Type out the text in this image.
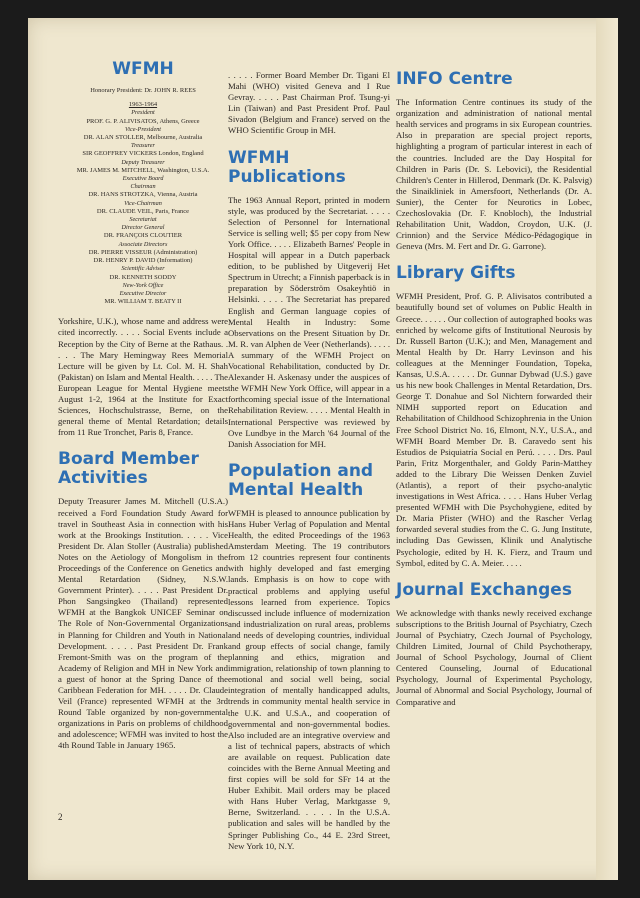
WFMH
Honorary President: Dr. JOHN R. REES
1963-1964
President
PROF. G. P. ALIVISATOS, Athens, Greece
Vice-President
DR. ALAN STOLLER, Melbourne, Australia
Treasurer
SIR GEOFFREY VICKERS London, England
Deputy Treasurer
MR. JAMES M. MITCHELL, Washington, U.S.A.
Executive Board
Chairman
DR. HANS STROTZKA, Vienna, Austria
Vice-Chairman
DR. CLAUDE VEIL, Paris, France
Secretariat
Director General
DR. FRANÇOIS CLOUTIER
Associate Directors
DR. PIERRE VISSEUR (Administration)
DR. HENRY P. DAVID (Information)
Scientific Adviser
DR. KENNETH SODDY
New-York Office
Executive Director
MR. WILLIAM T. BEATY II

Yorkshire, U.K.), whose name and address were cited incorrectly. . . . . Social Events include a Reception by the City of Berne at the Rathaus. . . . . The Mary Hemingway Rees Memorial Lecture will be given by Lt. Col. M. H. Shah (Pakistan) on Islam and Mental Health. . . . . The European League for Mental Hygiene meets August 1-2, 1964 at the Institute for Exact Sciences, Hochschulstrasse, Berne, on the general theme of Mental Retardation; details from 11 Rue Tronchet, Paris 8, France.

Board Member Activities

Deputy Treasurer James M. Mitchell (U.S.A.) received a Ford Foundation Study Award for travel in Southeast Asia in connection with his work at the Brookings Institution. . . . . Vice President Dr. Alan Stoller (Australia) published Notes on the Aetiology of Mongolism in the Proceedings of the Conference on Genetics and Mental Retardation (Sidney, N.S.W. Government Printer). . . . . Past President Dr. Phon Sangsingkeo (Thailand) represented WFMH at the Bangkok UNICEF Seminar on The Role of Non-Governmental Organizations in Planning for Children and Youth in National Development. . . . . Past President Dr. Frank Fremont-Smith was on the program of the Academy of Religion and MH in New York and a guest of honor at the Spring Dance of the Caribbean Federation for MH. . . . . Dr. Claude Veil (France) represented WFMH at the 3rd Round Table organized by non-governmental organizations in Paris on problems of childhood and adolescence; WFMH was invited to host the 4th Round Table in January 1965.

. . . . . Former Board Member Dr. Tigani El Mahi (WHO) visited Geneva and I Rue Gevray. . . . . Past Chairman Prof. Tsung-yi Lin (Taiwan) and Past President Prof. Paul Sivadon (Belgium and France) served on the WHO Scientific Group in MH.

WFMH Publications

The 1963 Annual Report, printed in modern style, was produced by the Secretariat. . . . . Selection of Personnel for International Service is selling well; $5 per copy from New York Office. . . . . Elizabeth Barnes' People in Hospital will appear in a Dutch paperback edition, to be published by Uitgeverij Het Spectrum in Utrecht; a Finnish paperback is in preparation by Söderström Osakeyhtiö in Helsinki. . . . . The Secretariat has prepared English and German language copies of Mental Health in Industry: Some Observations on the Present Situation by Dr. M. R. van Alphen de Veer (Netherlands). . . . . A summary of the WFMH Project on Vocational Rehabilitation, conducted by Dr. Alexander H. Askenasy under the auspices of the WFMH New York Office, will appear in a forthcoming special issue of the International Rehabilitation Review. . . . . Mental Health in International Perspective was reviewed by Ove Lundbye in the March '64 Journal of the Danish Association for MH.

Population and Mental Health

WFMH is pleased to announce publication by Hans Huber Verlag of Population and Mental Health, the edited Proceedings of the 1963 Amsterdam Meeting. The 19 contributors from 12 countries represent four continents with highly developed and fast emerging lands. Emphasis is on how to cope with practical problems and applying useful lessons learned from experience. Topics discussed include influence of modernization and industrialization on rural areas, problems and needs of developing countries, individual and group effects of social change, family planning and ethics, migration and immigration, relationship of town planning to emotional and social well being, social integration of mentally handicapped adults, trends in community mental health service in the U.K. and U.S.A., and cooperation of governmental and non-governmental bodies. Also included are an integrative overview and a list of technical papers, abstracts of which are available on request. Publication date coincides with the Berne Annual Meeting and first copies will be sold for SFr 14 at the Huber Exhibit. Mail orders may be placed with Hans Huber Verlag, Marktgasse 9, Berne, Switzerland. . . . . In the U.S.A. publication and sales will be handled by the Springer Publishing Co., 44 E. 23rd Street, New York 10, N.Y.

INFO Centre

The Information Centre continues its study of the organization and administration of national mental health services and programs in six European countries. Also in preparation are special project reports, highlighting a program of particular interest in each of the countries. Included are the Day Hospital for Children in Paris (Dr. S. Lebovici), the Residential Children's Center in Hillerod, Denmark (Dr. K. Palsvig) the Sinaikliniek in Amersfoort, Netherlands (Dr. A. Sunier), the Center for Neurotics in Lobec, Czechoslovakia (Dr. F. Knobloch), the Industrial Rehabilitation Unit, Waddon, Croydon, U.K. (J. Crinnion) and the Service Médico-Pédagogique in Geneva (Mrs. M. Fert and Dr. G. Garrone).

Library Gifts

WFMH President, Prof. G. P. Alivisatos contributed a beautifully bound set of volumes on Public Health in Greece. . . . . . Our collection of autographed books was enriched by welcome gifts of Institutional Neurosis by Dr. Russell Barton (U.K.); and Men, Management and Mental Health by Dr. Harry Levinson and his colleagues at the Menninger Foundation, Topeka, Kansas, U.S.A. . . . . . Dr. Gunnar Dybwad (U.S.) gave us his new book Challenges in Mental Retardation, Drs. George T. Donahue and Sol Nichtern forwarded their NIMH supported report on Education and Rehabilitation of Childhood Schizophrenia in the Union Free School District No. 16, Elmont, N.Y., U.S.A., and WFMH Board Member Dr. B. Caravedo sent his Estudios de Psiquiatría Social en Perú. . . . . Drs. Paul Parin, Fritz Morgenthaler, and Goldy Parin-Matthey added to the Library Die Weissen Denken Zuviel (Atlantis), a report of their psycho-analytic investigations in West Africa. . . . . Hans Huber Verlag presented WFMH with Die Psychohygiene, edited by Dr. Maria Pfister (WHO) and the Rascher Verlag forwarded several studies from the C. G. Jung Institute, including Das Gewissen, Klinik und Analytische Psychologie, edited by H. K. Fierz, and Traum und Symbol, edited by C. A. Meier. . . . .

Journal Exchanges

We acknowledge with thanks newly received exchange subscriptions to the British Journal of Psychiatry, Czech Journal of Psychiatry, Czech Journal of Psychology, Children Limited, Journal of Child Psychotherapy, Journal of School Psychology, Journal of Client Centered Counseling, Journal of Educational Psychology, Journal of Experimental Psychology, Journal of Abnormal and Social Psychology, Journal of Comparative and

2
